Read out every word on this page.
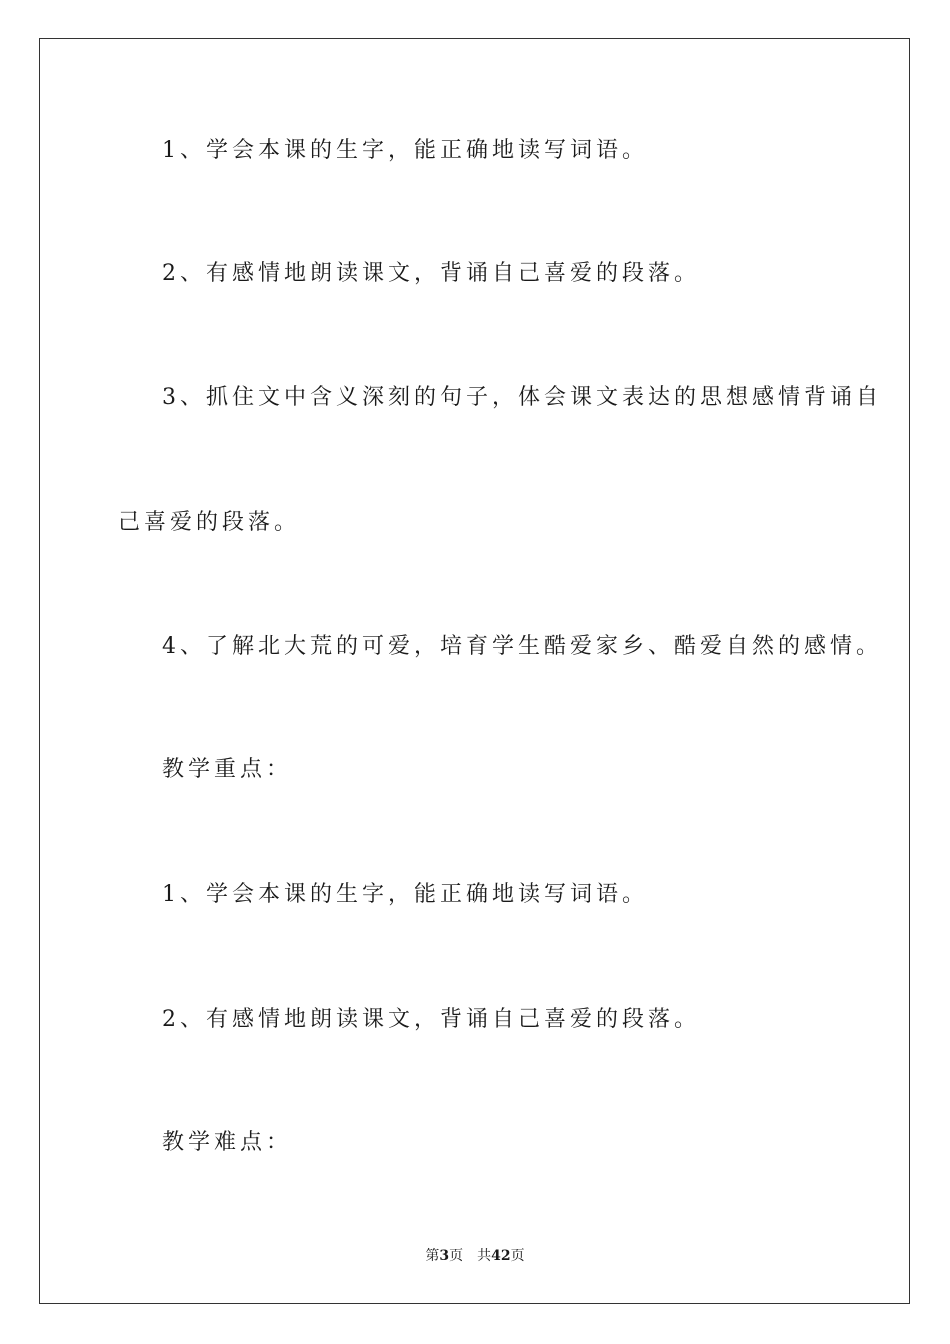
1、学会本课的生字，能正确地读写词语。
2、有感情地朗读课文，背诵自己喜爱的段落。
3、抓住文中含义深刻的句子，体会课文表达的思想感情背诵自
己喜爱的段落。
4、了解北大荒的可爱，培育学生酷爱家乡、酷爱自然的感情。
教学重点：
1、学会本课的生字，能正确地读写词语。
2、有感情地朗读课文，背诵自己喜爱的段落。
教学难点：
第3页 共42页
